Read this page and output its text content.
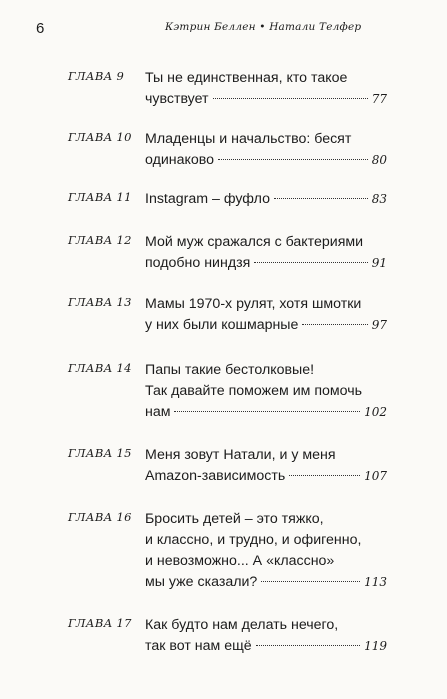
6	Кэтрин Беллен • Натали Телфер
ГЛАВА 9 Ты не единственная, кто такое
чувствует	77
ГЛАВА 10 Младенцы и начальство: бесят
одинаково	80
ГЛАВА 11 Instagram – фуфло	83
ГЛАВА 12 Мой муж сражался с бактериями
подобно ниндзя	91
ГЛАВА 13 Мамы 1970-х рулят, хотя шмотки
у них были кошмарные	97
ГЛАВА 14 Папы такие бестолковые!
Так давайте поможем им помочь
нам	102
ГЛАВА 15 Меня зовут Натали, и у меня
Amazon-зависимость	107
ГЛАВА 16 Бросить детей – это тяжко,
и классно, и трудно, и офигенно,
и невозможно... А «классно»
мы уже сказали?	113
ГЛАВА 17 Как будто нам делать нечего,
так вот нам ещё	119
